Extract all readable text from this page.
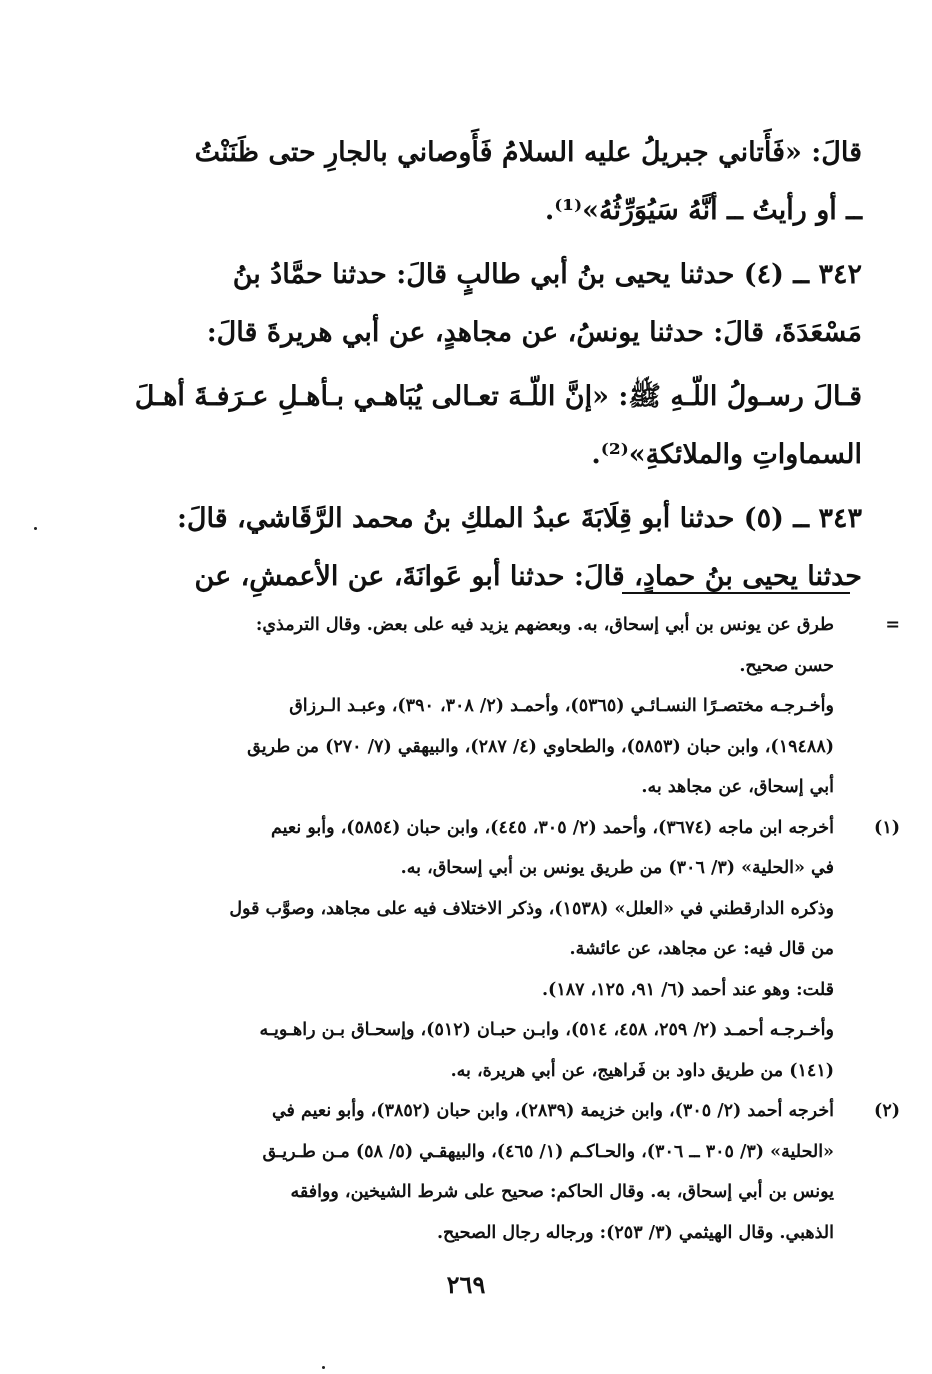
قالَ: «فَأَتاني جبريلُ عليه السلامُ فَأَوصاني بالجارِ حتى ظَنَنْتُ

ــ أو رأيتُ ــ أنَّهُ سَيُوَرِّثُهُ»⁽¹⁾.

٣٤٢ ــ (٤) حدثنا يحيى بنُ أبي طالبٍ قالَ: حدثنا حمَّادُ بنُ

مَسْعَدَةَ، قالَ: حدثنا يونسُ، عن مجاهدٍ، عن أبي هريرةَ قالَ:

قـالَ رسـولُ اللّـهِ ﷺ: «إنَّ اللّـهَ تعـالى يُبَاهـي بـأهـلِ عـرَفـةَ أهـلَ

السماواتِ والملائكةِ»⁽²⁾.

٣٤٣ ــ (٥) حدثنا أبو قِلَابَةَ عبدُ الملكِ بنُ محمد الرَّقَاشي، قالَ:

حدثنا يحيى بنُ حمادٍ، قالَ: حدثنا أبو عَوانَةَ، عن الأعمشِ، عن

=

طرق عن يونس بن أبي إسحاق، به. وبعضهم يزيد فيه على بعض. وقال الترمذي:

حسن صحيح.

وأخـرجـه مختصـرًا النسـائـي (٥٣٦٥)، وأحمـد (٢/ ٣٠٨، ٣٩٠)، وعبـد الـرزاق

(١٩٤٨٨)، وابن حبان (٥٨٥٣)، والطحاوي (٤/ ٢٨٧)، والبيهقي (٧/ ٢٧٠) من طريق

أبي إسحاق، عن مجاهد به.

(١)

أخرجه ابن ماجه (٣٦٧٤)، وأحمد (٢/ ٣٠٥، ٤٤٥)، وابن حبان (٥٨٥٤)، وأبو نعيم

في «الحلية» (٣/ ٣٠٦) من طريق يونس بن أبي إسحاق، به.

وذكره الدارقطني في «العلل» (١٥٣٨)، وذكر الاختلاف فيه على مجاهد، وصوَّب قول

من قال فيه: عن مجاهد، عن عائشة.

قلت: وهو عند أحمد (٦/ ٩١، ١٢٥، ١٨٧).

وأخـرجـه أحمـد (٢/ ٢٥٩، ٤٥٨، ٥١٤)، وابـن حبـان (٥١٢)، وإسحـاق بـن راهـويـه

(١٤١) من طريق داود بن فَراهيج، عن أبي هريرة، به.

(٢)

أخرجه أحمد (٢/ ٣٠٥)، وابن خزيمة (٢٨٣٩)، وابن حبان (٣٨٥٢)، وأبو نعيم في

«الحلية» (٣/ ٣٠٥ ــ ٣٠٦)، والحـاكـم (١/ ٤٦٥)، والبيهقـي (٥/ ٥٨) مـن طـريـق

يونس بن أبي إسحاق، به. وقال الحاكم: صحيح على شرط الشيخين، ووافقه

الذهبي. وقال الهيثمي (٣/ ٢٥٣): ورجاله رجال الصحيح.

٢٦٩
